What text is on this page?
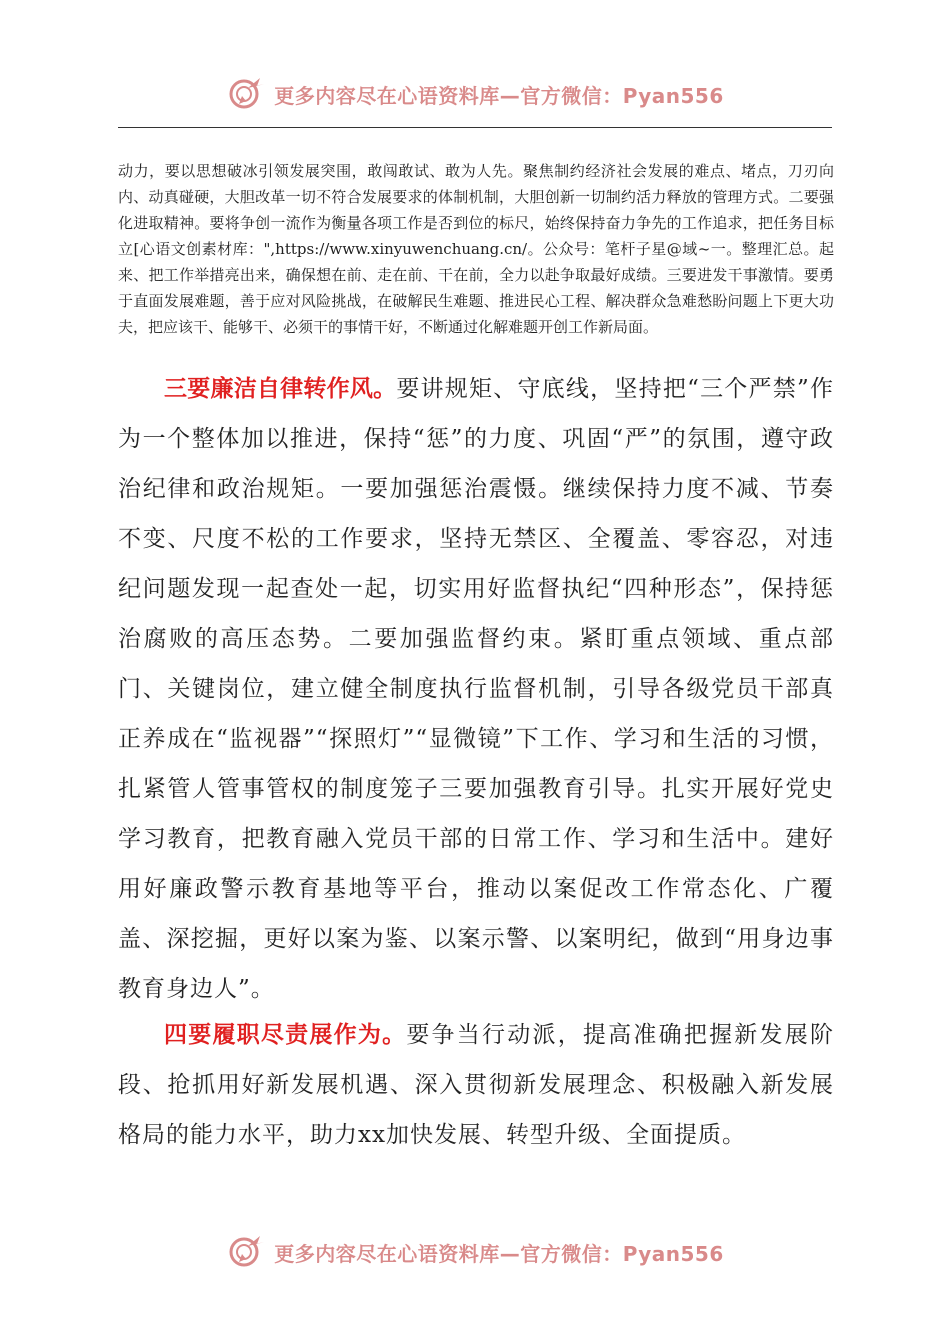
更多内容尽在心语资料库—官方微信：Pyan556

动力，要以思想破冰引领发展突围，敢闯敢试、敢为人先。聚焦制约经济社会发展的难点、堵点，刀刃向内、动真碰硬，大胆改革一切不符合发展要求的体制机制，大胆创新一切制约活力释放的管理方式。二要强化进取精神。要将争创一流作为衡量各项工作是否到位的标尺，始终保持奋力争先的工作追求，把任务目标立[心语文创素材库：",https://www.xinyuwenchuang.cn/。公众号：笔杆子星@域~一。整理汇总。起来、把工作举措亮出来，确保想在前、走在前、干在前，全力以赴争取最好成绩。三要进发干事激情。要勇于直面发展难题，善于应对风险挑战，在破解民生难题、推进民心工程、解决群众急难愁盼问题上下更大功夫，把应该干、能够干、必须干的事情干好，不断通过化解难题开创工作新局面。

三要廉洁自律转作风。要讲规矩、守底线，坚持把“三个严禁”作为一个整体加以推进，保持“惩”的力度、巩固“严”的氛围，遵守政治纪律和政治规矩。一要加强惩治震慑。继续保持力度不减、节奏不变、尺度不松的工作要求，坚持无禁区、全覆盖、零容忍，对违纪问题发现一起查处一起，切实用好监督执纪“四种形态”，保持惩治腐败的高压态势。二要加强监督约束。紧盯重点领域、重点部门、关键岗位，建立健全制度执行监督机制，引导各级党员干部真正养成在“监视器”“探照灯”“显微镜”下工作、学习和生活的习惯，扎紧管人管事管权的制度笼子三要加强教育引导。扎实开展好党史学习教育，把教育融入党员干部的日常工作、学习和生活中。建好用好廉政警示教育基地等平台，推动以案促改工作常态化、广覆盖、深挖掘，更好以案为鉴、以案示警、以案明纪，做到“用身边事教育身边人”。

四要履职尽责展作为。要争当行动派，提高准确把握新发展阶段、抢抓用好新发展机遇、深入贯彻新发展理念、积极融入新发展格局的能力水平，助力xx加快发展、转型升级、全面提质。

更多内容尽在心语资料库—官方微信：Pyan556
